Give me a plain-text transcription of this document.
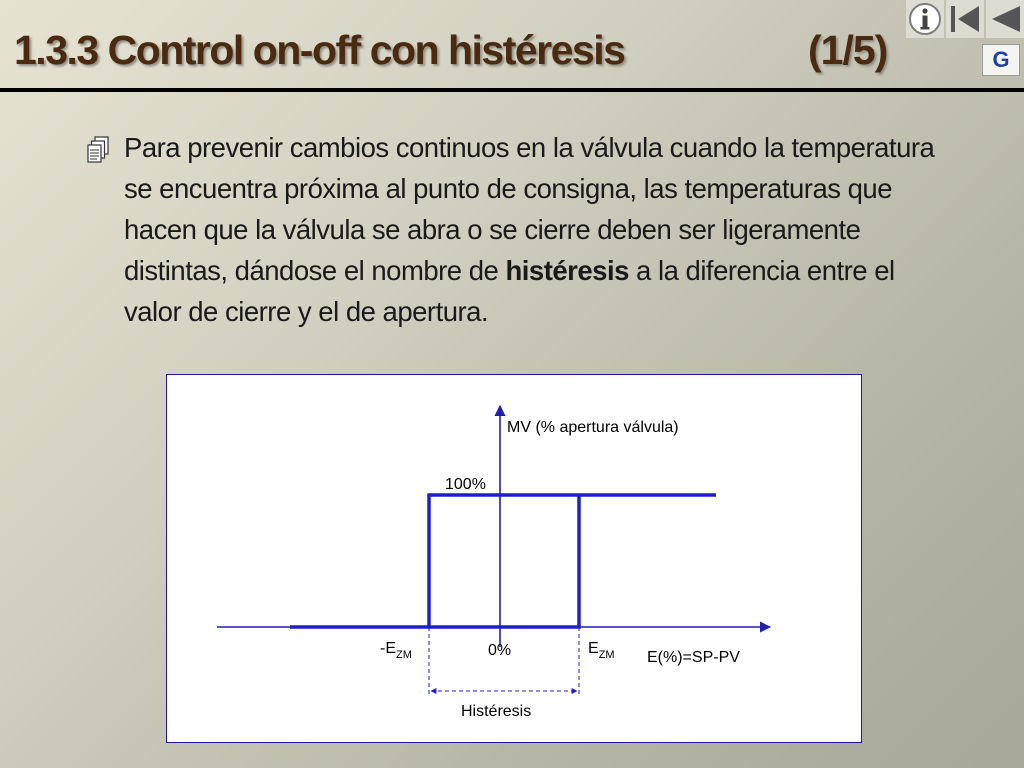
1.3.3 Control on-off con histéresis	(1/5)	G

Para prevenir cambios continuos en la válvula cuando la temperatura se encuentra próxima al punto de consigna, las temperaturas que hacen que la válvula se abra o se cierre deben ser ligeramente distintas, dándose el nombre de histéresis a la diferencia entre el valor de cierre y el de apertura.

MV (% apertura válvula)
100%
0%
$-E_{ZM}$	$E_{ZM}$ E(%)=SP-PV
Histéresis
